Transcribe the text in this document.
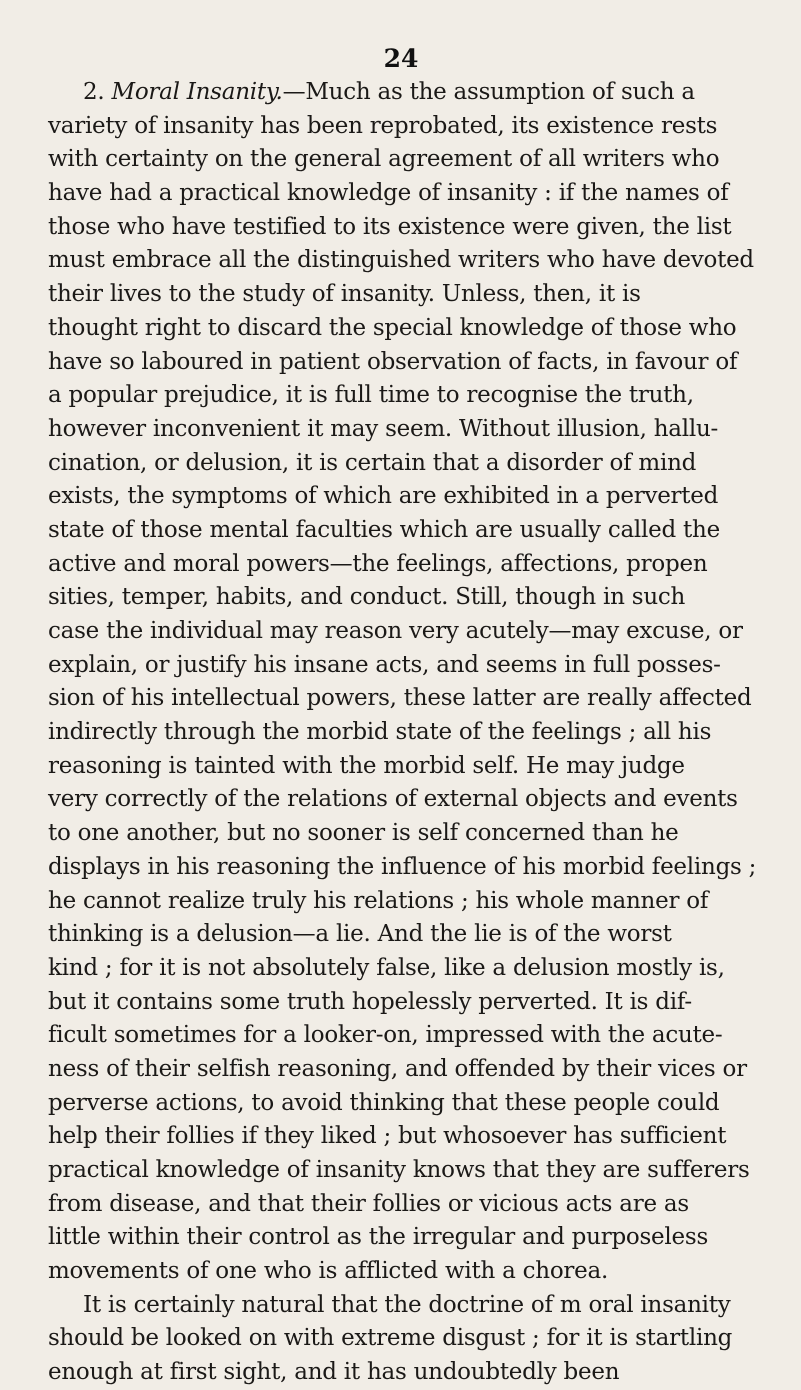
24
2. Moral Insanity.—Much as the assumption of such a
variety of insanity has been reprobated, its existence rests
with certainty on the general agreement of all writers who
have had a practical knowledge of insanity : if the names of
those who have testified to its existence were given, the list
must embrace all the distinguished writers who have devoted
their lives to the study of insanity. Unless, then, it is
thought right to discard the special knowledge of those who
have so laboured in patient observation of facts, in favour of
a popular prejudice, it is full time to recognise the truth,
however inconvenient it may seem. Without illusion, hallu-
cination, or delusion, it is certain that a disorder of mind
exists, the symptoms of which are exhibited in a perverted
state of those mental faculties which are usually called the
active and moral powers—the feelings, affections, propen
sities, temper, habits, and conduct. Still, though in such
case the individual may reason very acutely—may excuse, or
explain, or justify his insane acts, and seems in full posses-
sion of his intellectual powers, these latter are really affected
indirectly through the morbid state of the feelings ; all his
reasoning is tainted with the morbid self. He may judge
very correctly of the relations of external objects and events
to one another, but no sooner is self concerned than he
displays in his reasoning the influence of his morbid feelings ;
he cannot realize truly his relations ; his whole manner of
thinking is a delusion—a lie. And the lie is of the worst
kind ; for it is not absolutely false, like a delusion mostly is,
but it contains some truth hopelessly perverted. It is dif-
ficult sometimes for a looker-on, impressed with the acute-
ness of their selfish reasoning, and offended by their vices or
perverse actions, to avoid thinking that these people could
help their follies if they liked ; but whosoever has sufficient
practical knowledge of insanity knows that they are sufferers
from disease, and that their follies or vicious acts are as
little within their control as the irregular and purposeless
movements of one who is afflicted with a chorea.
It is certainly natural that the doctrine of m oral insanity
should be looked on with extreme disgust ; for it is startling
enough at first sight, and it has undoubtedly been
